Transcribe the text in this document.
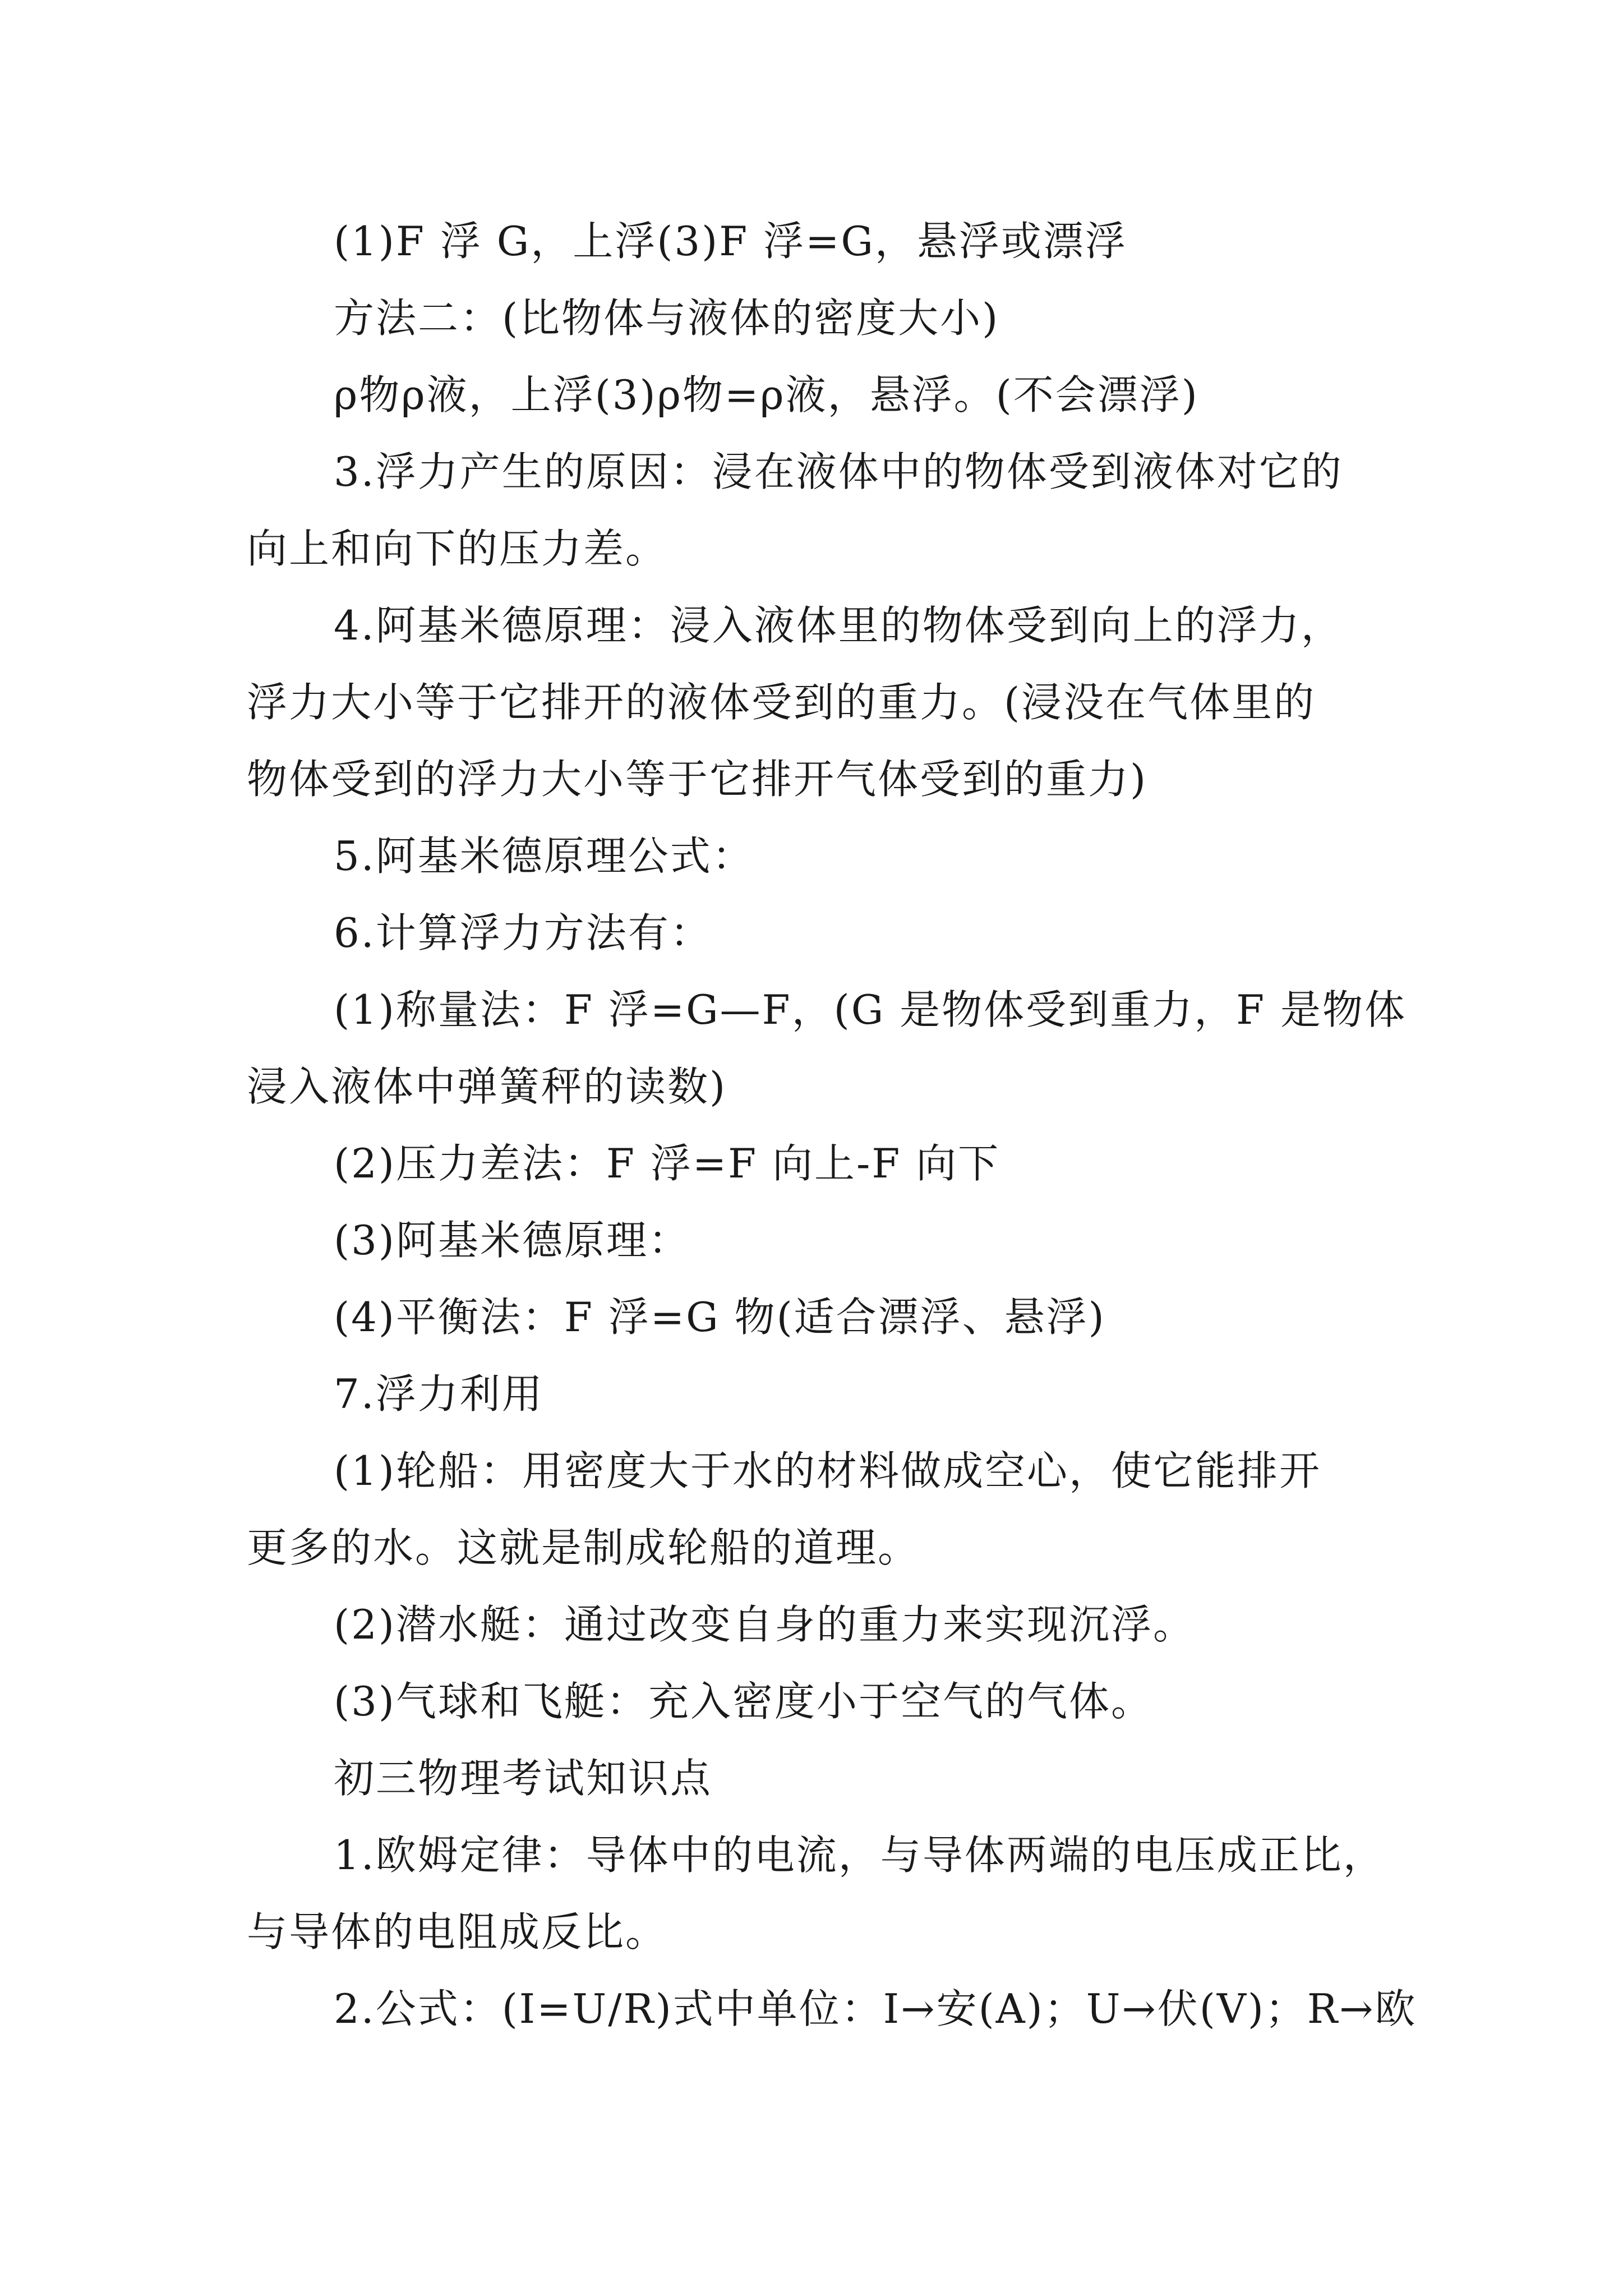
(1)F 浮 G，上浮(3)F 浮=G，悬浮或漂浮
方法二：(比物体与液体的密度大小)
ρ物ρ液，上浮(3)ρ物=ρ液，悬浮。(不会漂浮)
3.浮力产生的原因：浸在液体中的物体受到液体对它的
向上和向下的压力差。
4.阿基米德原理：浸入液体里的物体受到向上的浮力，
浮力大小等于它排开的液体受到的重力。(浸没在气体里的
物体受到的浮力大小等于它排开气体受到的重力)
5.阿基米德原理公式：
6.计算浮力方法有：
(1)称量法：F 浮=G—F，(G 是物体受到重力，F 是物体
浸入液体中弹簧秤的读数)
(2)压力差法：F 浮=F 向上-F 向下
(3)阿基米德原理：
(4)平衡法：F 浮=G 物(适合漂浮、悬浮)
7.浮力利用
(1)轮船：用密度大于水的材料做成空心，使它能排开
更多的水。这就是制成轮船的道理。
(2)潜水艇：通过改变自身的重力来实现沉浮。
(3)气球和飞艇：充入密度小于空气的气体。
初三物理考试知识点
1.欧姆定律：导体中的电流，与导体两端的电压成正比，
与导体的电阻成反比。
2.公式：(I=U/R)式中单位：I→安(A)；U→伏(V)；R→欧
